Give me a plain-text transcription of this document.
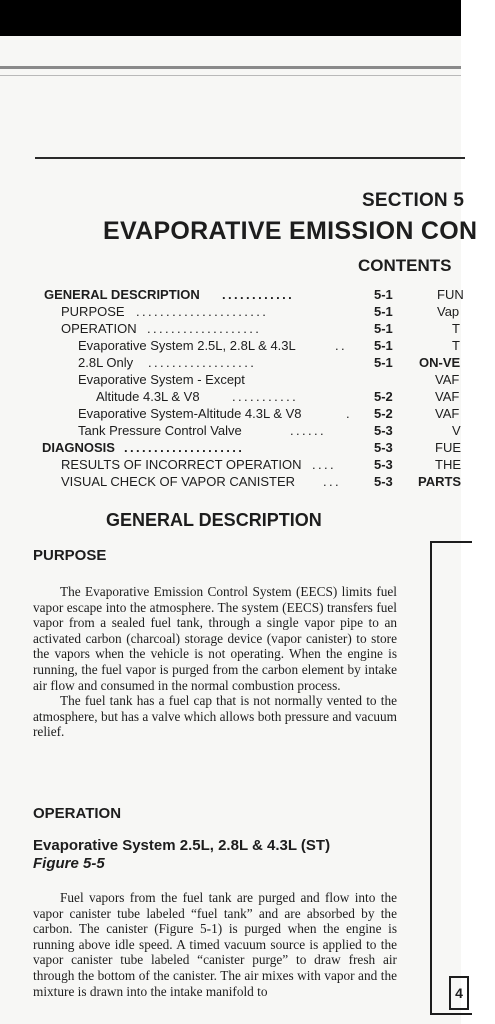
SECTION 5
EVAPORATIVE EMISSION CON
CONTENTS
GENERAL DESCRIPTION ............	5-1	FUN
PURPOSE ......................	5-1	Vap
OPERATION ...................	5-1	T
Evaporative System 2.5L, 2.8L & 4.3L	..	5-1	T
2.8L Only ..................	5-1 ON-VE
Evaporative System - Except	VAF
Altitude 4.3L & V8 ...........	5-2	VAF
Evaporative System-Altitude 4.3L & V8	.	5-2	VAF
Tank Pressure Control Valve	......	5-3	V
DIAGNOSIS ....................	5-3	FUE
RESULTS OF INCORRECT OPERATION ....	5-3	THE
VISUAL CHECK OF VAPOR CANISTER ...	5-3 PARTS
GENERAL DESCRIPTION
PURPOSE

The Evaporative Emission Control System (EECS) limits fuel vapor escape into the atmosphere. The system (EECS) transfers fuel vapor from a sealed fuel tank, through a single vapor pipe to an activated carbon (charcoal) storage device (vapor canister) to store the vapors when the vehicle is not operating. When the engine is running, the fuel vapor is purged from the carbon element by intake air flow and consumed in the normal combustion process.

The fuel tank has a fuel cap that is not normally vented to the atmosphere, but has a valve which allows both pressure and vacuum relief.

OPERATION
Evaporative System 2.5L, 2.8L & 4.3L (ST)
Figure 5-5

Fuel vapors from the fuel tank are purged and flow into the vapor canister tube labeled “fuel tank” and are absorbed by the carbon. The canister (Figure 5-1) is purged when the engine is running above idle speed. A timed vacuum source is applied to the vapor canister tube labeled “canister purge” to draw fresh air through the bottom of the canister. The air mixes with vapor and the mixture is drawn into the intake manifold to	4
